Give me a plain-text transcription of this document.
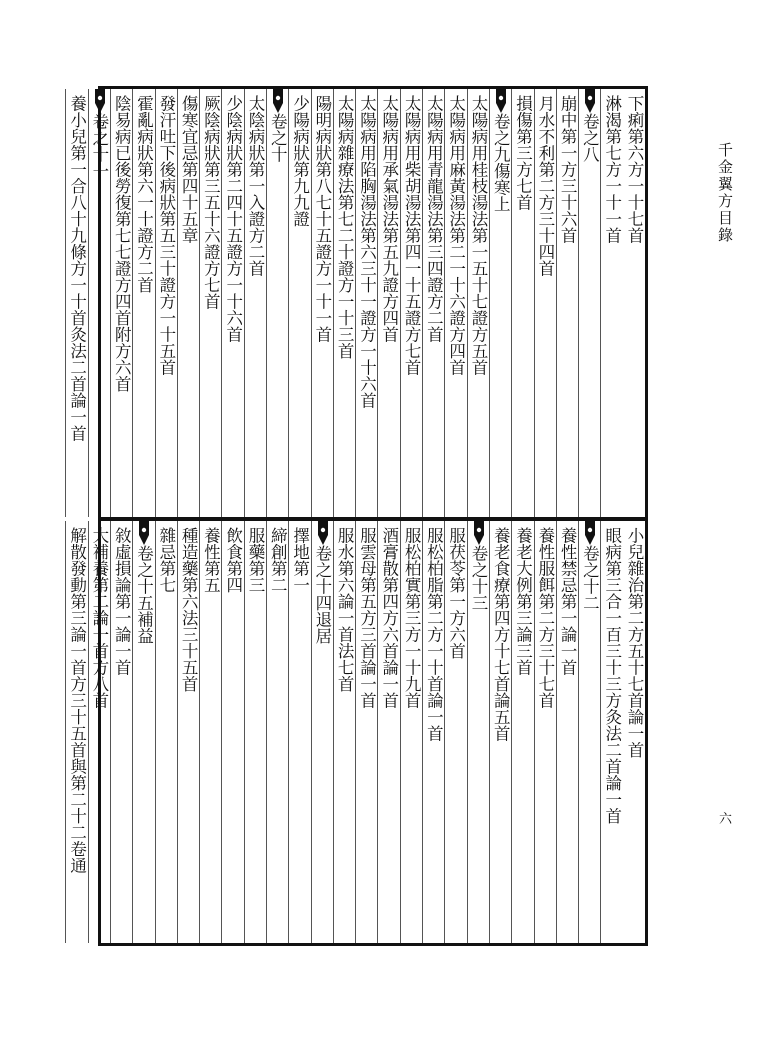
千金翼方目錄
六
下痢第六方一十七首
淋渴第七方一十一首
卷之八
崩中第一方三十六首
月水不利第二方三十四首
損傷第三方七首
卷之九傷寒上
太陽病用桂枝湯法第一五十七證方五首
太陽病用麻黃湯法第二一十六證方四首
太陽病用青龍湯法第三四證方二首
太陽病用柴胡湯法第四一十五證方七首
太陽病用承氣湯法第五九證方四首
太陽病用陷胸湯法第六三十一證方一十六首
太陽病雜療法第七二十證方一十三首
陽明病狀第八七十五證方一十一首
少陽病狀第九九證
卷之十
太陰病狀第一入證方二首
少陰病狀第二四十五證方一十六首
厥陰病狀第三五十六證方七首
傷寒宜忌第四十五章
發汗吐下後病狀第五三十證方一十五首
霍亂病狀第六一十證方二首
陰易病已後勞復第七七證方四首附方六首
卷之十一
養小兒第一合八十九條方一十首灸法二首論一首
小兒雜治第二方五十七首論一首
眼病第三合一百三十三方灸法二首論一首
卷之十二
養性禁忌第一論一首
養性服餌第二方三十七首
養老大例第三論三首
養老食療第四方十七首論五首
卷之十三
服茯苓第一方六首
服松柏脂第二方一十首論一首
服松柏實第三方一十九首
酒膏散第四方六首論一首
服雲母第五方三首論一首
服水第六論一首法七首
卷之十四退居
擇地第一
締創第二
服藥第三
飲食第四
養性第五
種造藥第六法三十五首
雜忌第七
卷之十五補益
敘虛損論第一論一首
大補養第二論一首方八首
解散發動第三論一首方三十五首與第二十二卷通
